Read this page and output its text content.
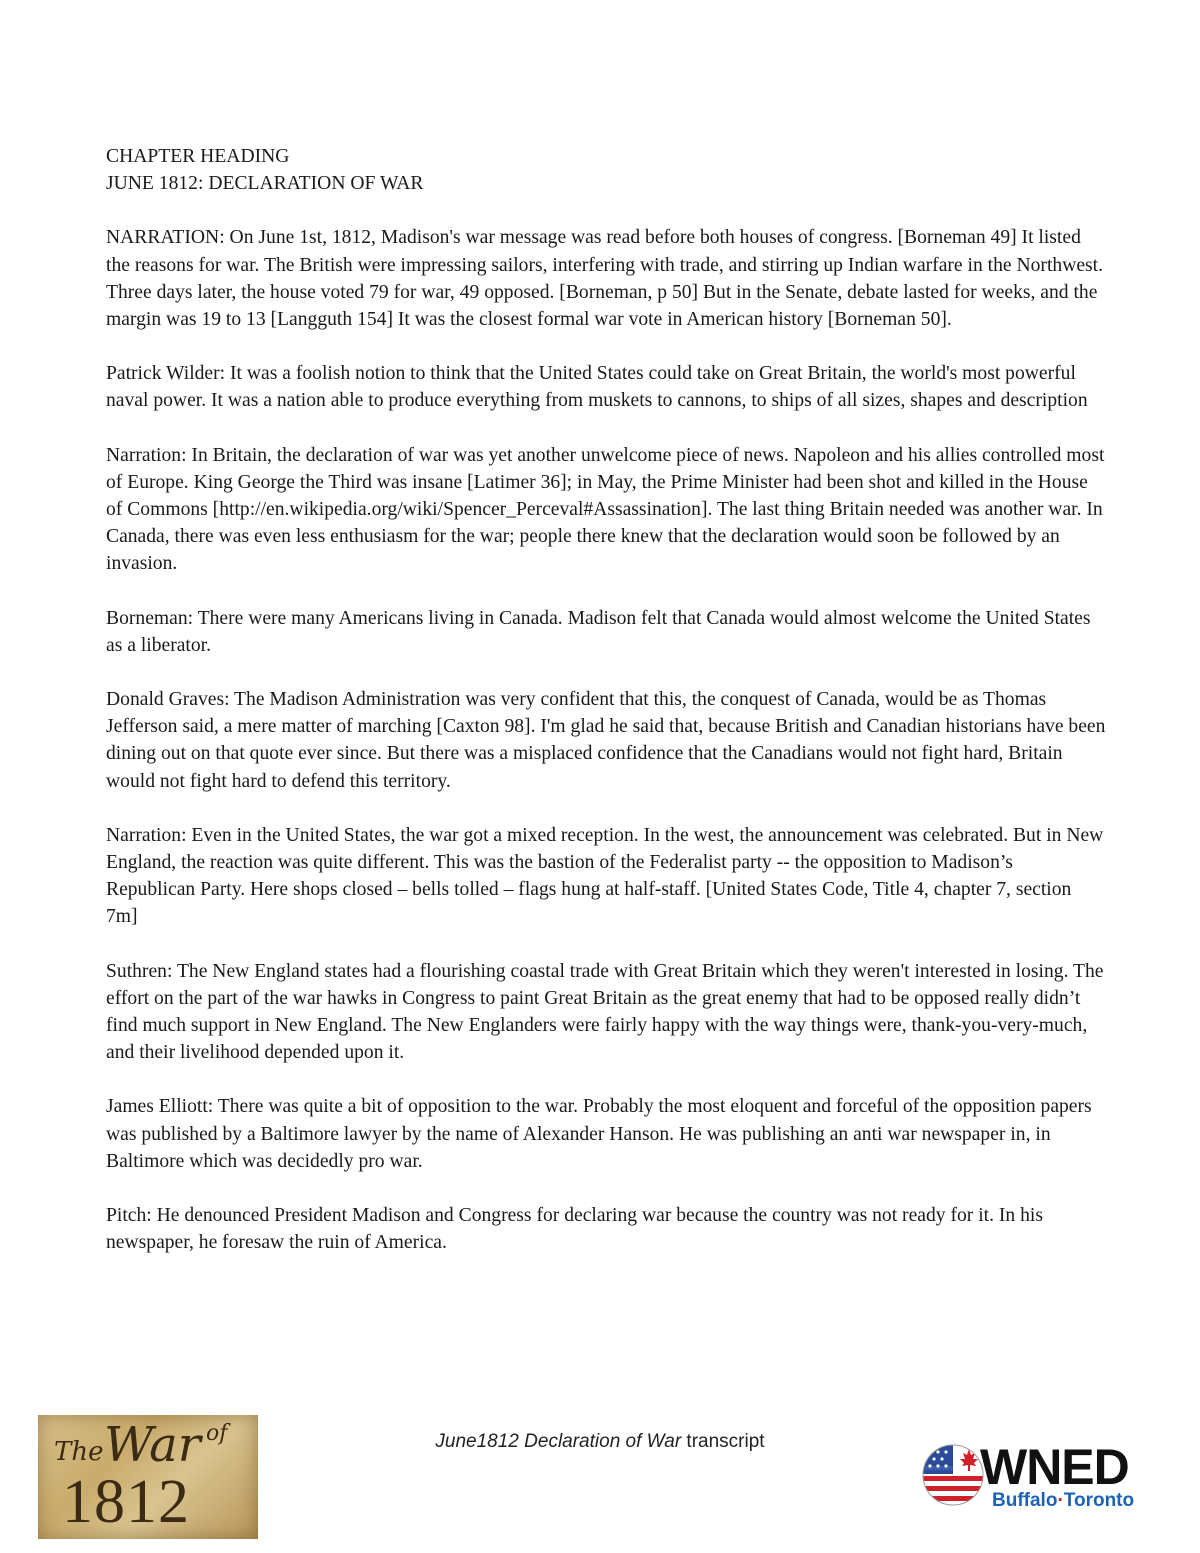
CHAPTER HEADING

JUNE 1812: DECLARATION OF WAR

NARRATION: On June 1st, 1812, Madison's war message was read before both houses of congress. [Borneman 49] It listed the reasons for war. The British were impressing sailors, interfering with trade, and stirring up Indian warfare in the Northwest. Three days later, the house voted 79 for war, 49 opposed. [Borneman, p 50] But in the Senate, debate lasted for weeks, and the margin was 19 to 13 [Langguth 154] It was the closest formal war vote in American history [Borneman 50].

Patrick Wilder: It was a foolish notion to think that the United States could take on Great Britain, the world's most powerful naval power. It was a nation able to produce everything from muskets to cannons, to ships of all sizes, shapes and description

Narration: In Britain, the declaration of war was yet another unwelcome piece of news. Napoleon and his allies controlled most of Europe. King George the Third was insane [Latimer 36]; in May, the Prime Minister had been shot and killed in the House of Commons [http://en.wikipedia.org/wiki/Spencer_Perceval#Assassination]. The last thing Britain needed was another war. In Canada, there was even less enthusiasm for the war; people there knew that the declaration would soon be followed by an invasion.

Borneman: There were many Americans living in Canada. Madison felt that Canada would almost welcome the United States as a liberator.

Donald Graves: The Madison Administration was very confident that this, the conquest of Canada, would be as Thomas Jefferson said, a mere matter of marching [Caxton 98]. I'm glad he said that, because British and Canadian historians have been dining out on that quote ever since. But there was a misplaced confidence that the Canadians would not fight hard, Britain would not fight hard to defend this territory.

Narration: Even in the United States, the war got a mixed reception. In the west, the announcement was celebrated. But in New England, the reaction was quite different. This was the bastion of the Federalist party -- the opposition to Madison’s Republican Party. Here shops closed – bells tolled – flags hung at half-staff. [United States Code, Title 4, chapter 7, section 7m]

Suthren: The New England states had a flourishing coastal trade with Great Britain which they weren't interested in losing. The effort on the part of the war hawks in Congress to paint Great Britain as the great enemy that had to be opposed really didn’t find much support in New England. The New Englanders were fairly happy with the way things were, thank-you-very-much, and their livelihood depended upon it.

James Elliott: There was quite a bit of opposition to the war. Probably the most eloquent and forceful of the opposition papers was published by a Baltimore lawyer by the name of Alexander Hanson. He was publishing an anti war newspaper in, in Baltimore which was decidedly pro war.

Pitch: He denounced President Madison and Congress for declaring war because the country was not ready for it. In his newspaper, he foresaw the ruin of America.

The War of
1812
June1812 Declaration of War transcript	WNED
Buffalo·Toronto
